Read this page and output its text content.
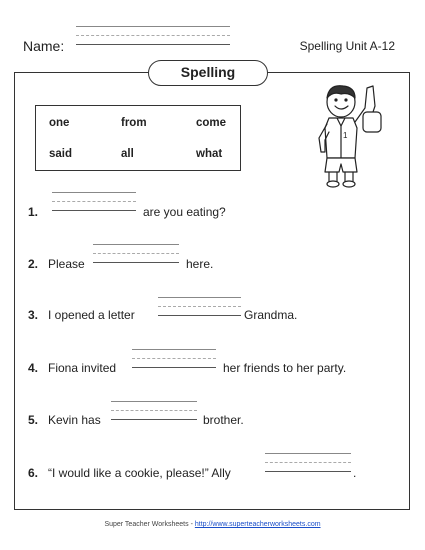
Name:	Spelling Unit A-12
Spelling
one	from	come
said	all	what
1
1.	are you eating?
2. Please	here.
3. I opened a letter	Grandma.
4. Fiona invited	her friends to her party.
5. Kevin has	brother.
6. “I would like a cookie, please!” Ally	.
Super Teacher Worksheets - http://www.superteacherworksheets.com
